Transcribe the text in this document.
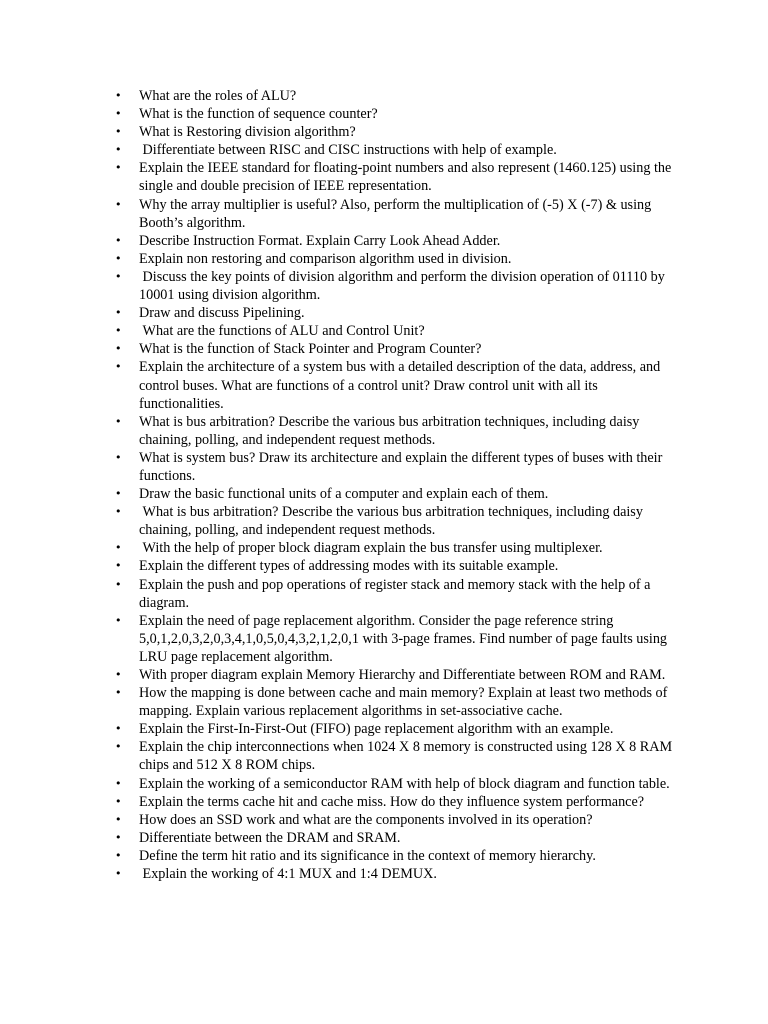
•	What are the roles of ALU?
•	What is the function of sequence counter?
•	What is Restoring division algorithm?
•	Differentiate between RISC and CISC instructions with help of example.
•	Explain the IEEE standard for floating-point numbers and also represent (1460.125) using the single and double precision of IEEE representation.
•	Why the array multiplier is useful? Also, perform the multiplication of (-5) X (-7) & using Booth’s algorithm.
•	Describe Instruction Format. Explain Carry Look Ahead Adder.
•	Explain non restoring and comparison algorithm used in division.
•	Discuss the key points of division algorithm and perform the division operation of 01110 by 10001 using division algorithm.
•	Draw and discuss Pipelining.
•	What are the functions of ALU and Control Unit?
•	What is the function of Stack Pointer and Program Counter?
•	Explain the architecture of a system bus with a detailed description of the data, address, and control buses. What are functions of a control unit? Draw control unit with all its functionalities.
•	What is bus arbitration? Describe the various bus arbitration techniques, including daisy chaining, polling, and independent request methods.
•	What is system bus? Draw its architecture and explain the different types of buses with their functions.
•	Draw the basic functional units of a computer and explain each of them.
•	What is bus arbitration? Describe the various bus arbitration techniques, including daisy chaining, polling, and independent request methods.
•	With the help of proper block diagram explain the bus transfer using multiplexer.
•	Explain the different types of addressing modes with its suitable example.
•	Explain the push and pop operations of register stack and memory stack with the help of a diagram.
•	Explain the need of page replacement algorithm. Consider the page reference string 5,0,1,2,0,3,2,0,3,4,1,0,5,0,4,3,2,1,2,0,1 with 3-page frames. Find number of page faults using LRU page replacement algorithm.
•	With proper diagram explain Memory Hierarchy and Differentiate between ROM and RAM.
•	How the mapping is done between cache and main memory? Explain at least two methods of mapping. Explain various replacement algorithms in set-associative cache.
•	Explain the First-In-First-Out (FIFO) page replacement algorithm with an example.
•	Explain the chip interconnections when 1024 X 8 memory is constructed using 128 X 8 RAM chips and 512 X 8 ROM chips.
•	Explain the working of a semiconductor RAM with help of block diagram and function table.
•	Explain the terms cache hit and cache miss. How do they influence system performance?
•	How does an SSD work and what are the components involved in its operation?
•	Differentiate between the DRAM and SRAM.
•	Define the term hit ratio and its significance in the context of memory hierarchy.
•	Explain the working of 4:1 MUX and 1:4 DEMUX.
